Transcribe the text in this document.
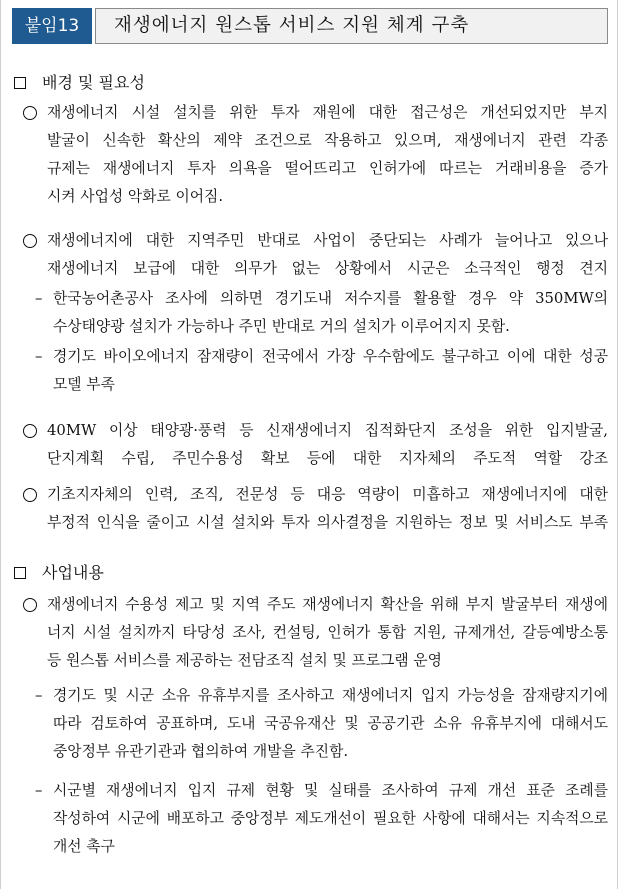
붙임13	재생에너지 원스톱 서비스 지원 체계 구축
배경 및 필요성
재생에너지 시설 설치를 위한 투자 재원에 대한 접근성은 개선되었지만 부지
발굴이 신속한 확산의 제약 조건으로 작용하고 있으며, 재생에너지 관련 각종
규제는 재생에너지 투자 의욕을 떨어뜨리고 인허가에 따르는 거래비용을 증가
시켜 사업성 악화로 이어짐.
재생에너지에 대한 지역주민 반대로 사업이 중단되는 사례가 늘어나고 있으나
재생에너지 보급에 대한 의무가 없는 상황에서 시군은 소극적인 행정 견지
– 한국농어촌공사 조사에 의하면 경기도내 저수지를 활용할 경우 약 350MW의
수상태양광 설치가 가능하나 주민 반대로 거의 설치가 이루어지지 못함.
– 경기도 바이오에너지 잠재량이 전국에서 가장 우수함에도 불구하고 이에 대한 성공
모델 부족
40MW 이상 태양광·풍력 등 신재생에너지 집적화단지 조성을 위한 입지발굴,
단지계획 수립, 주민수용성 확보 등에 대한 지자체의 주도적 역할 강조
기초지자체의 인력, 조직, 전문성 등 대응 역량이 미흡하고 재생에너지에 대한
부정적 인식을 줄이고 시설 설치와 투자 의사결정을 지원하는 정보 및 서비스도 부족
사업내용
재생에너지 수용성 제고 및 지역 주도 재생에너지 확산을 위해 부지 발굴부터 재생에
너지 시설 설치까지 타당성 조사, 컨설팅, 인허가 통합 지원, 규제개선, 갈등예방소통
등 원스톱 서비스를 제공하는 전담조직 설치 및 프로그램 운영
– 경기도 및 시군 소유 유휴부지를 조사하고 재생에너지 입지 가능성을 잠재량지기에
따라 검토하여 공표하며, 도내 국공유재산 및 공공기관 소유 유휴부지에 대해서도
중앙정부 유관기관과 협의하여 개발을 추진함.
– 시군별 재생에너지 입지 규제 현황 및 실태를 조사하여 규제 개선 표준 조례를
작성하여 시군에 배포하고 중앙정부 제도개선이 필요한 사항에 대해서는 지속적으로
개선 촉구
